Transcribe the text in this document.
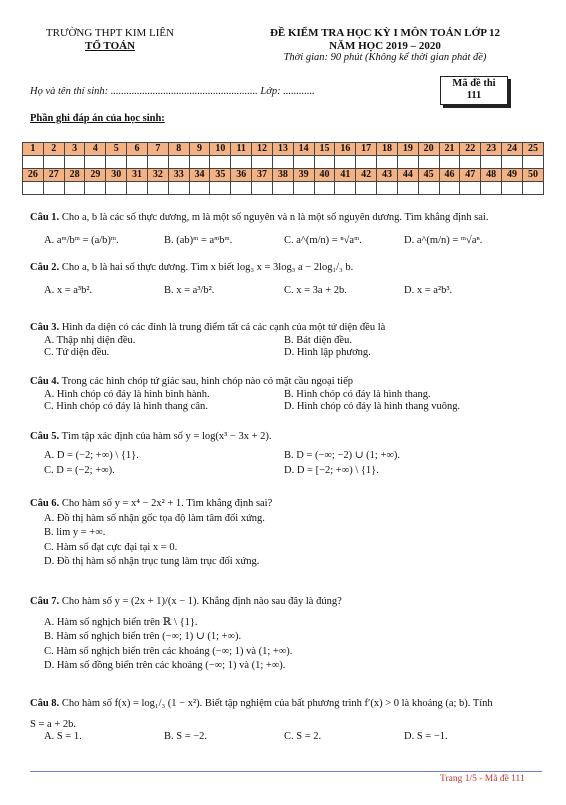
TRƯỜNG THPT KIM LIÊN
TỔ TOÁN
ĐỀ KIỂM TRA HỌC KỲ I MÔN TOÁN LỚP 12
NĂM HỌC 2019 – 2020
Thời gian: 90 phút (Không kể thời gian phát đề)
Họ và tên thí sinh: ........................................................ Lớp: ............
Mã đề thi
111
Phần ghi đáp án của học sinh:
1	2	3	4	5	6	7	8	9	10	11	12	13	14	15	16	17	18	19	20	21	22	23	24	25

26	27	28	29	30	31	32	33	34	35	36	37	38	39	40	41	42	43	44	45	46	47	48	49	50

Câu 1. Cho a, b là các số thực dương, m là một số nguyên và n là một số nguyên dương. Tìm khẳng định sai.
A. aᵐ/bᵐ = (a/b)ᵐ.	B. (ab)ᵐ = aᵐbᵐ.	C. a^(m/n) = ⁿ√aᵐ.	D. a^(m/n) = ᵐ√aⁿ.
Câu 2. Cho a, b là hai số thực dương. Tìm x biết log₃ x = 3log₃ a − 2log₁/₃ b.
A. x = a³b².	B. x = a³/b².	C. x = 3a + 2b.	D. x = a²b³.
Câu 3. Hình đa diện có các đỉnh là trung điểm tất cả các cạnh của một tứ diện đều là
A. Thập nhị diện đều.	B. Bát diện đều.
C. Tứ diện đều.	D. Hình lập phương.
Câu 4. Trong các hình chóp tứ giác sau, hình chóp nào có mặt cầu ngoại tiếp
A. Hình chóp có đáy là hình bình hành.	B. Hình chóp có đáy là hình thang.
C. Hình chóp có đáy là hình thang cân.	D. Hình chóp có đáy là hình thang vuông.
Câu 5. Tìm tập xác định của hàm số y = log(x³ − 3x + 2).
A. D = (−2; +∞) \ {1}.	B. D = (−∞; −2) ∪ (1; +∞).
C. D = (−2; +∞).	D. D = [−2; +∞) \ {1}.
Câu 6. Cho hàm số y = x⁴ − 2x² + 1. Tìm khẳng định sai?
A. Đồ thị hàm số nhận gốc tọa độ làm tâm đối xứng.
B. lim y = +∞.
C. Hàm số đạt cực đại tại x = 0.
D. Đồ thị hàm số nhận trục tung làm trục đối xứng.
Câu 7. Cho hàm số y = (2x + 1)/(x − 1). Khẳng định nào sau đây là đúng?
A. Hàm số nghịch biến trên ℝ \ {1}.
B. Hàm số nghịch biến trên (−∞; 1) ∪ (1; +∞).
C. Hàm số nghịch biến trên các khoảng (−∞; 1) và (1; +∞).
D. Hàm số đồng biến trên các khoảng (−∞; 1) và (1; +∞).
Câu 8. Cho hàm số f(x) = log₁/₃ (1 − x²). Biết tập nghiệm của bất phương trình f′(x) > 0 là khoảng (a; b). Tính
S = a + 2b.
A. S = 1.	B. S = −2.	C. S = 2.	D. S = −1.
Trang 1/5 - Mã đề 111
